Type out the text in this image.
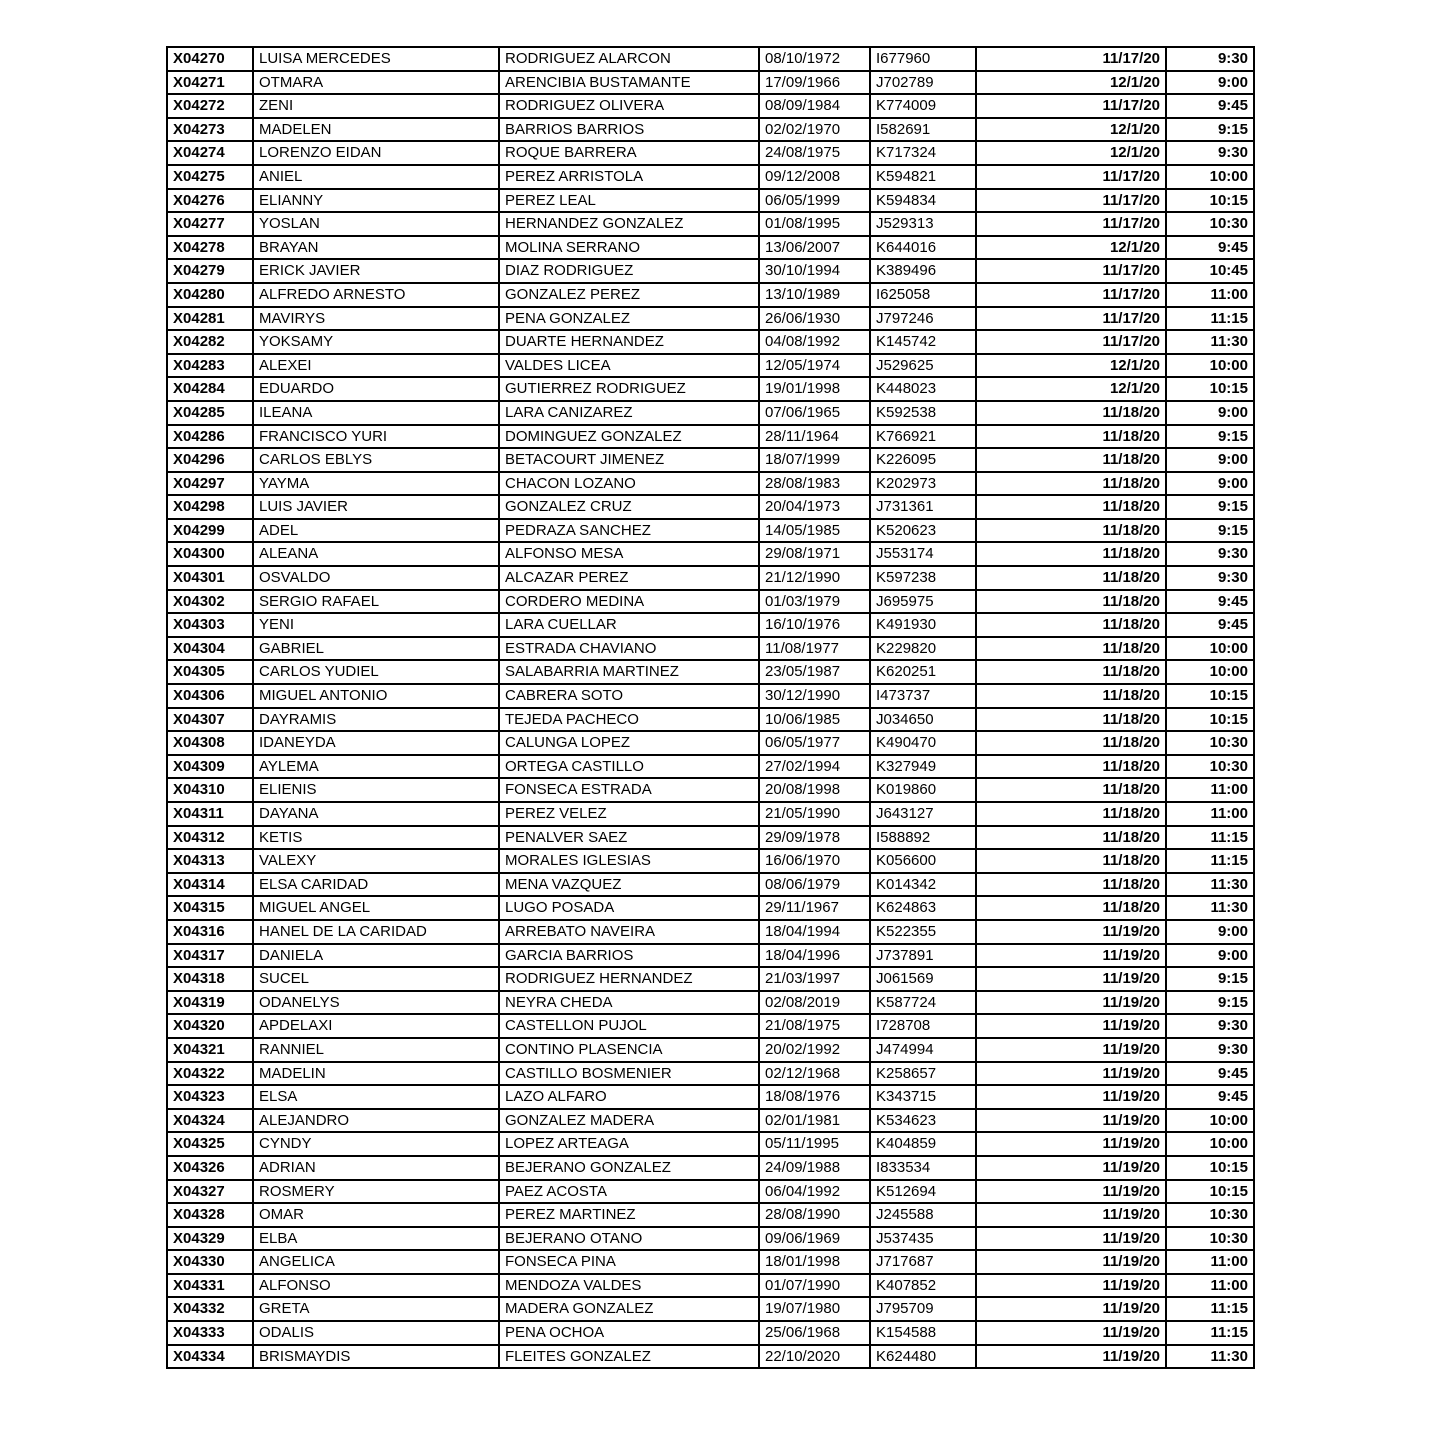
X04270	LUISA MERCEDES	RODRIGUEZ ALARCON	08/10/1972	I677960	11/17/20	9:30
X04271	OTMARA	ARENCIBIA BUSTAMANTE	17/09/1966	J702789	12/1/20	9:00
X04272	ZENI	RODRIGUEZ OLIVERA	08/09/1984	K774009	11/17/20	9:45
X04273	MADELEN	BARRIOS BARRIOS	02/02/1970	I582691	12/1/20	9:15
X04274	LORENZO EIDAN	ROQUE BARRERA	24/08/1975	K717324	12/1/20	9:30
X04275	ANIEL	PEREZ ARRISTOLA	09/12/2008	K594821	11/17/20	10:00
X04276	ELIANNY	PEREZ LEAL	06/05/1999	K594834	11/17/20	10:15
X04277	YOSLAN	HERNANDEZ GONZALEZ	01/08/1995	J529313	11/17/20	10:30
X04278	BRAYAN	MOLINA SERRANO	13/06/2007	K644016	12/1/20	9:45
X04279	ERICK JAVIER	DIAZ RODRIGUEZ	30/10/1994	K389496	11/17/20	10:45
X04280	ALFREDO ARNESTO	GONZALEZ PEREZ	13/10/1989	I625058	11/17/20	11:00
X04281	MAVIRYS	PENA GONZALEZ	26/06/1930	J797246	11/17/20	11:15
X04282	YOKSAMY	DUARTE HERNANDEZ	04/08/1992	K145742	11/17/20	11:30
X04283	ALEXEI	VALDES LICEA	12/05/1974	J529625	12/1/20	10:00
X04284	EDUARDO	GUTIERREZ RODRIGUEZ	19/01/1998	K448023	12/1/20	10:15
X04285	ILEANA	LARA CANIZAREZ	07/06/1965	K592538	11/18/20	9:00
X04286	FRANCISCO YURI	DOMINGUEZ GONZALEZ	28/11/1964	K766921	11/18/20	9:15
X04296	CARLOS EBLYS	BETACOURT JIMENEZ	18/07/1999	K226095	11/18/20	9:00
X04297	YAYMA	CHACON LOZANO	28/08/1983	K202973	11/18/20	9:00
X04298	LUIS JAVIER	GONZALEZ CRUZ	20/04/1973	J731361	11/18/20	9:15
X04299	ADEL	PEDRAZA SANCHEZ	14/05/1985	K520623	11/18/20	9:15
X04300	ALEANA	ALFONSO MESA	29/08/1971	J553174	11/18/20	9:30
X04301	OSVALDO	ALCAZAR PEREZ	21/12/1990	K597238	11/18/20	9:30
X04302	SERGIO RAFAEL	CORDERO MEDINA	01/03/1979	J695975	11/18/20	9:45
X04303	YENI	LARA CUELLAR	16/10/1976	K491930	11/18/20	9:45
X04304	GABRIEL	ESTRADA CHAVIANO	11/08/1977	K229820	11/18/20	10:00
X04305	CARLOS YUDIEL	SALABARRIA MARTINEZ	23/05/1987	K620251	11/18/20	10:00
X04306	MIGUEL ANTONIO	CABRERA SOTO	30/12/1990	I473737	11/18/20	10:15
X04307	DAYRAMIS	TEJEDA PACHECO	10/06/1985	J034650	11/18/20	10:15
X04308	IDANEYDA	CALUNGA LOPEZ	06/05/1977	K490470	11/18/20	10:30
X04309	AYLEMA	ORTEGA CASTILLO	27/02/1994	K327949	11/18/20	10:30
X04310	ELIENIS	FONSECA ESTRADA	20/08/1998	K019860	11/18/20	11:00
X04311	DAYANA	PEREZ VELEZ	21/05/1990	J643127	11/18/20	11:00
X04312	KETIS	PENALVER SAEZ	29/09/1978	I588892	11/18/20	11:15
X04313	VALEXY	MORALES IGLESIAS	16/06/1970	K056600	11/18/20	11:15
X04314	ELSA CARIDAD	MENA VAZQUEZ	08/06/1979	K014342	11/18/20	11:30
X04315	MIGUEL ANGEL	LUGO POSADA	29/11/1967	K624863	11/18/20	11:30
X04316	HANEL DE LA CARIDAD	ARREBATO NAVEIRA	18/04/1994	K522355	11/19/20	9:00
X04317	DANIELA	GARCIA BARRIOS	18/04/1996	J737891	11/19/20	9:00
X04318	SUCEL	RODRIGUEZ HERNANDEZ	21/03/1997	J061569	11/19/20	9:15
X04319	ODANELYS	NEYRA CHEDA	02/08/2019	K587724	11/19/20	9:15
X04320	APDELAXI	CASTELLON PUJOL	21/08/1975	I728708	11/19/20	9:30
X04321	RANNIEL	CONTINO PLASENCIA	20/02/1992	J474994	11/19/20	9:30
X04322	MADELIN	CASTILLO BOSMENIER	02/12/1968	K258657	11/19/20	9:45
X04323	ELSA	LAZO ALFARO	18/08/1976	K343715	11/19/20	9:45
X04324	ALEJANDRO	GONZALEZ MADERA	02/01/1981	K534623	11/19/20	10:00
X04325	CYNDY	LOPEZ ARTEAGA	05/11/1995	K404859	11/19/20	10:00
X04326	ADRIAN	BEJERANO GONZALEZ	24/09/1988	I833534	11/19/20	10:15
X04327	ROSMERY	PAEZ ACOSTA	06/04/1992	K512694	11/19/20	10:15
X04328	OMAR	PEREZ MARTINEZ	28/08/1990	J245588	11/19/20	10:30
X04329	ELBA	BEJERANO OTANO	09/06/1969	J537435	11/19/20	10:30
X04330	ANGELICA	FONSECA PINA	18/01/1998	J717687	11/19/20	11:00
X04331	ALFONSO	MENDOZA VALDES	01/07/1990	K407852	11/19/20	11:00
X04332	GRETA	MADERA GONZALEZ	19/07/1980	J795709	11/19/20	11:15
X04333	ODALIS	PENA OCHOA	25/06/1968	K154588	11/19/20	11:15
X04334	BRISMAYDIS	FLEITES GONZALEZ	22/10/2020	K624480	11/19/20	11:30
